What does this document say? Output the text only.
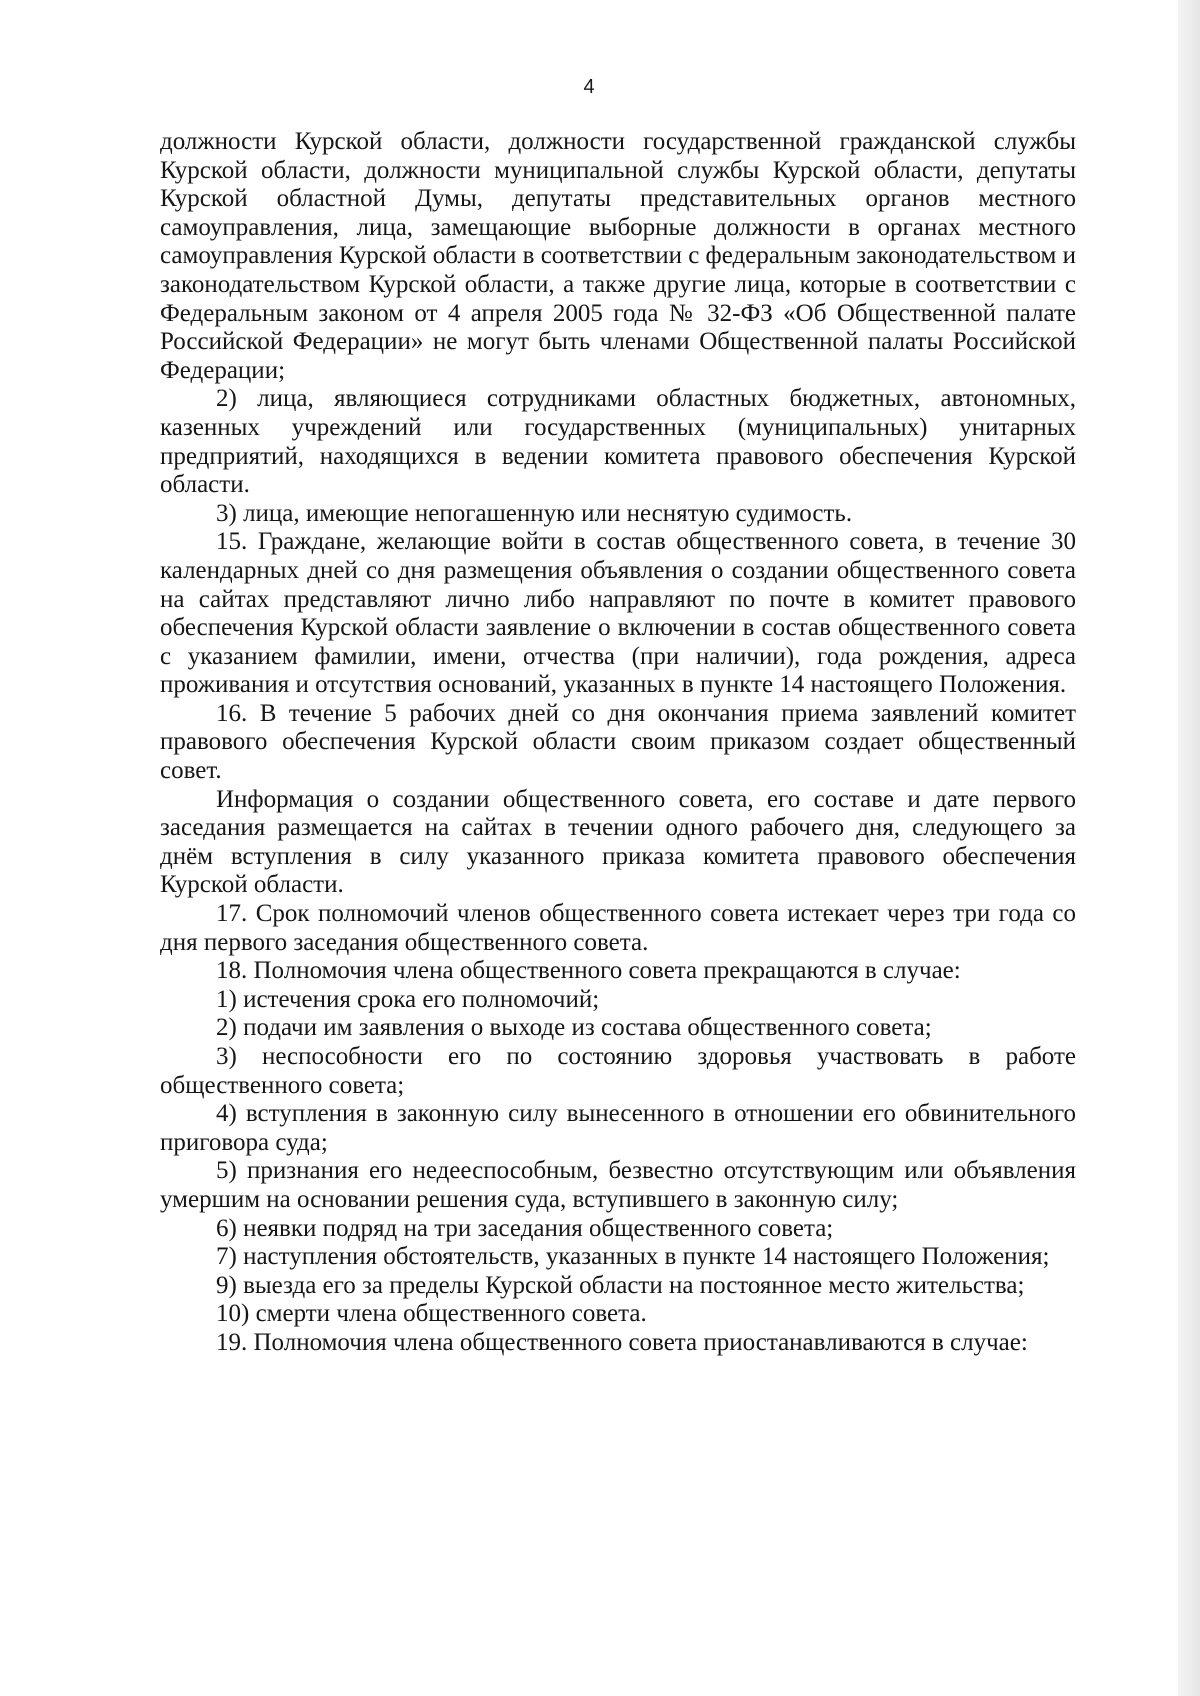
4

должности Курской области, должности государственной гражданской службы Курской области, должности муниципальной службы Курской области, депутаты Курской областной Думы, депутаты представительных органов местного самоуправления, лица, замещающие выборные должности в органах местного самоуправления Курской области в соответствии с федеральным законодательством и законодательством Курской области, а также другие лица, которые в соответствии с Федеральным законом от 4 апреля 2005 года № 32-ФЗ «Об Общественной палате Российской Федерации» не могут быть членами Общественной палаты Российской Федерации;

2) лица, являющиеся сотрудниками областных бюджетных, автономных, казенных учреждений или государственных (муниципальных) унитарных предприятий, находящихся в ведении комитета правового обеспечения Курской области.

3) лица, имеющие непогашенную или неснятую судимость.

15. Граждане, желающие войти в состав общественного совета, в течение 30 календарных дней со дня размещения объявления о создании общественного совета на сайтах представляют лично либо направляют по почте в комитет правового обеспечения Курской области заявление о включении в состав общественного совета с указанием фамилии, имени, отчества (при наличии), года рождения, адреса проживания и отсутствия оснований, указанных в пункте 14 настоящего Положения.

16. В течение 5 рабочих дней со дня окончания приема заявлений комитет правового обеспечения Курской области своим приказом создает общественный совет.

Информация о создании общественного совета, его составе и дате первого заседания размещается на сайтах в течении одного рабочего дня, следующего за днём вступления в силу указанного приказа комитета правового обеспечения Курской области.

17. Срок полномочий членов общественного совета истекает через три года со дня первого заседания общественного совета.

18. Полномочия члена общественного совета прекращаются в случае:

1) истечения срока его полномочий;

2) подачи им заявления о выходе из состава общественного совета;

3) неспособности его по состоянию здоровья участвовать в работе общественного совета;

4) вступления в законную силу вынесенного в отношении его обвинительного приговора суда;

5) признания его недееспособным, безвестно отсутствующим или объявления умершим на основании решения суда, вступившего в законную силу;

6) неявки подряд на три заседания общественного совета;

7) наступления обстоятельств, указанных в пункте 14 настоящего Положения;

9) выезда его за пределы Курской области на постоянное место жительства;

10) смерти члена общественного совета.

19. Полномочия члена общественного совета приостанавливаются в случае:
